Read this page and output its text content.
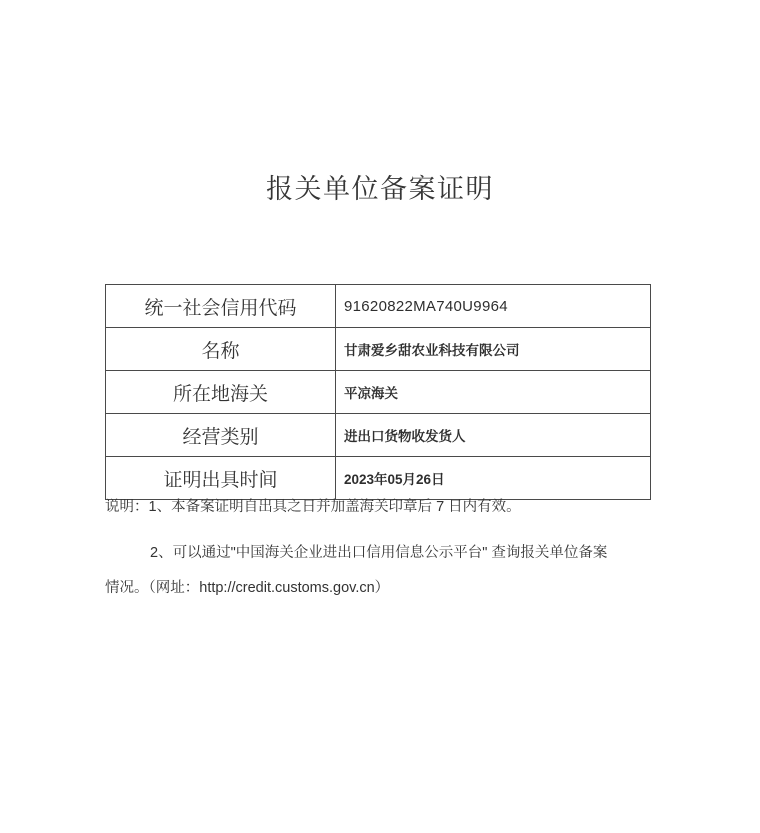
报关单位备案证明
统一社会信用代码	91620822MA740U9964
名称	甘肃爱乡甜农业科技有限公司
所在地海关	平凉海关
经营类别	进出口货物收发货人
证明出具时间	2023年05月26日

说明：1、本备案证明自出具之日并加盖海关印章后 7 日内有效。

2、可以通过"中国海关企业进出口信用信息公示平台" 查询报关单位备案

情况。（网址：http://credit.customs.gov.cn）
